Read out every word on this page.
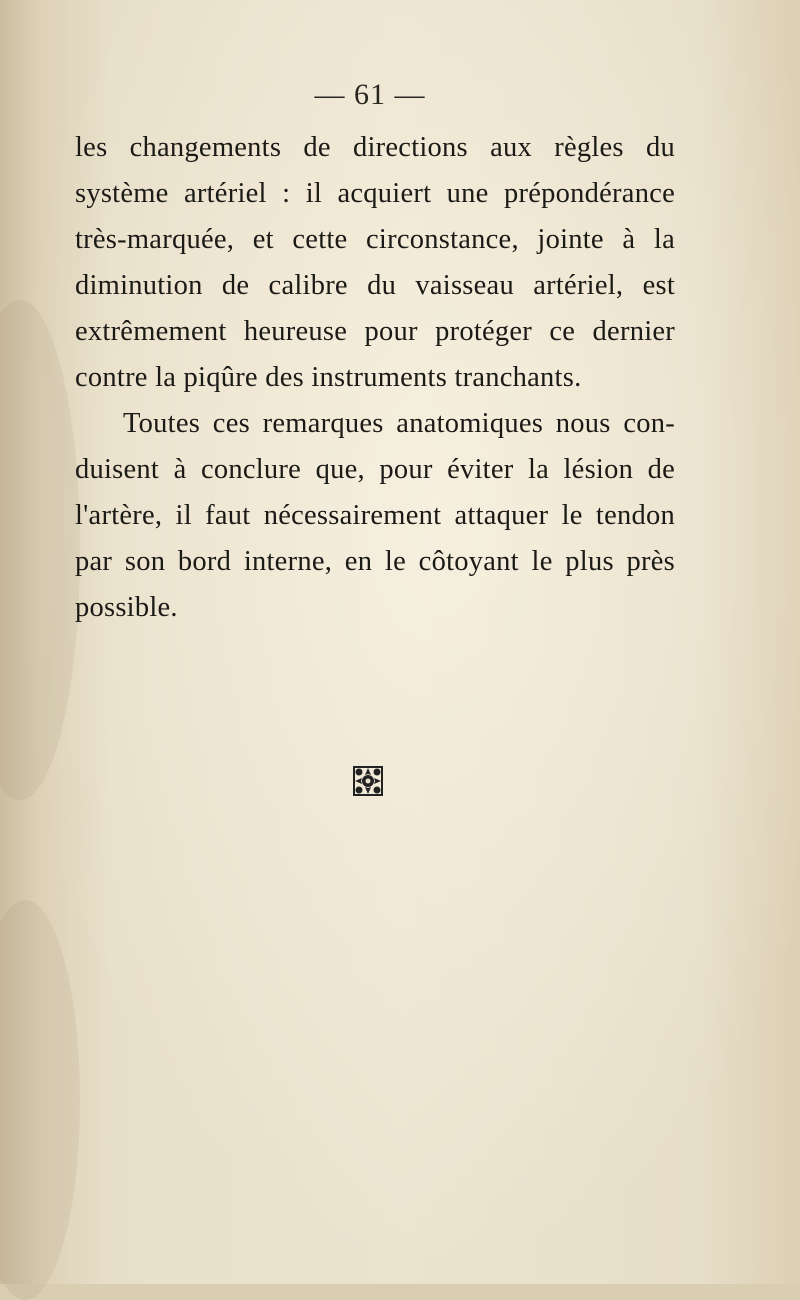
— 61 —

les changements de directions aux règles du
système artériel : il acquiert une prépondérance
très-marquée, et cette circonstance, jointe à la
diminution de calibre du vaisseau artériel, est
extrêmement heureuse pour protéger ce dernier
contre la piqûre des instruments tranchants.

Toutes ces remarques anatomiques nous con-
duisent à conclure que, pour éviter la lésion de
l'artère, il faut nécessairement attaquer le tendon
par son bord interne, en le côtoyant le plus près
possible.
